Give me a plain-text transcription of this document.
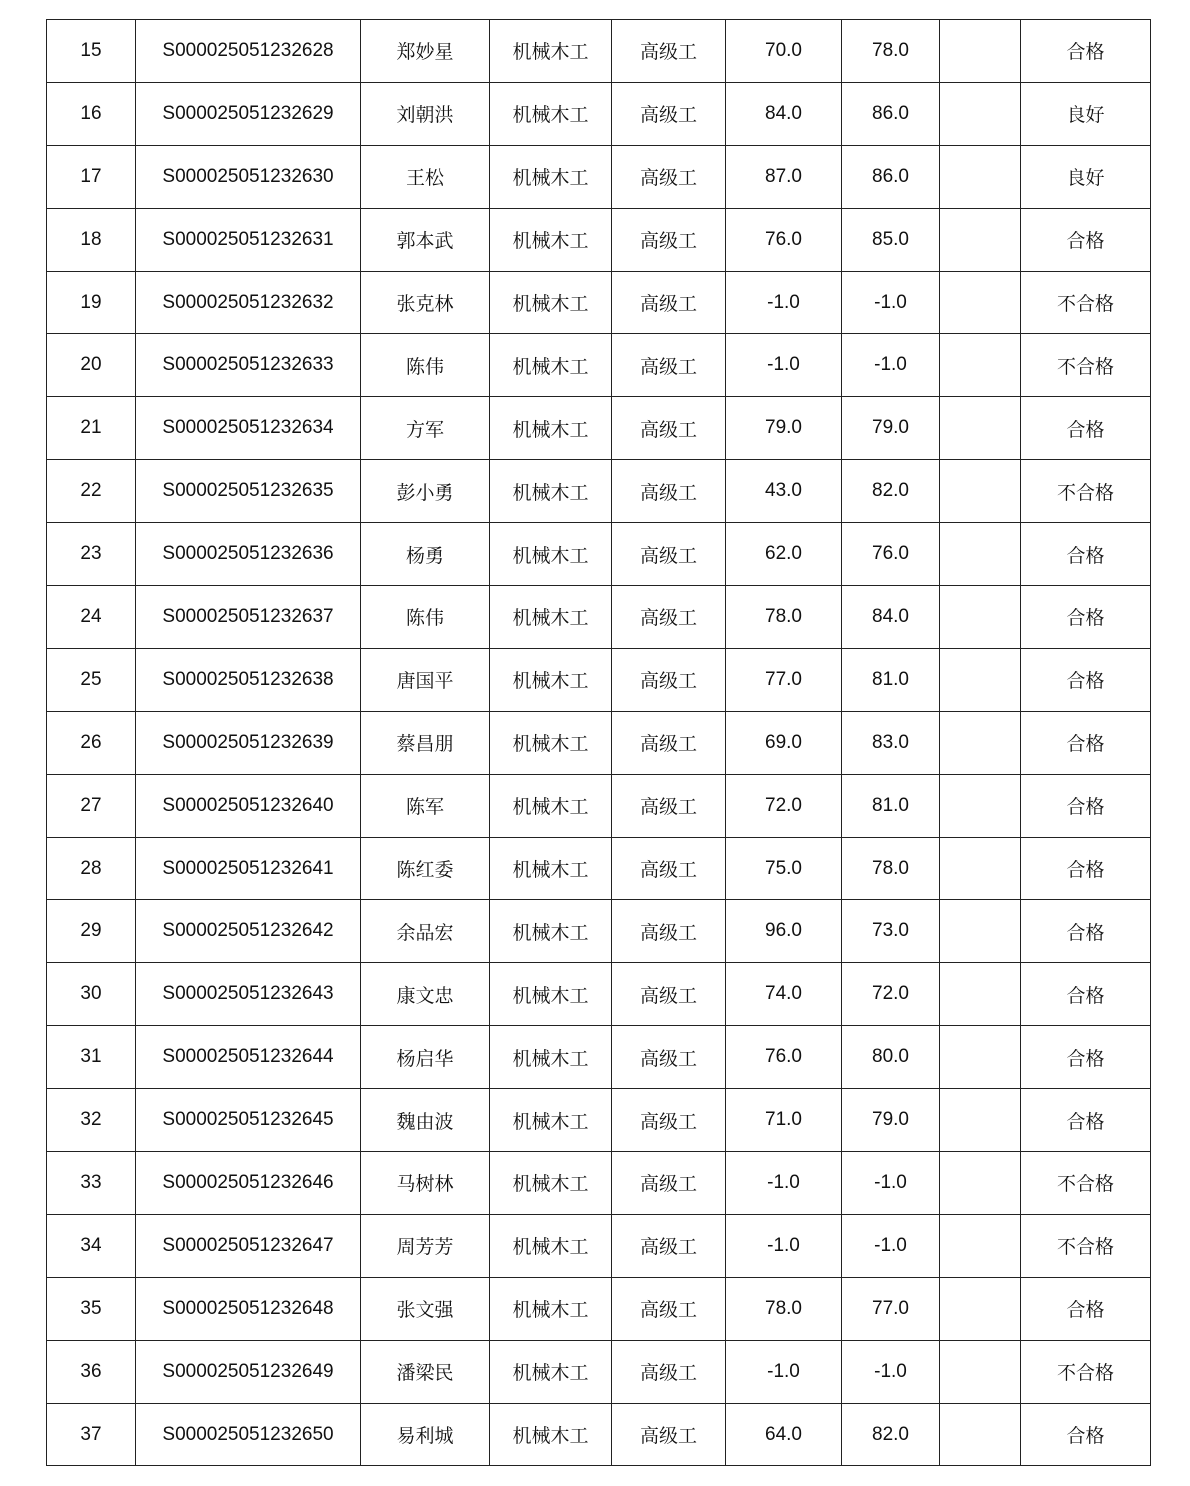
15	S000025051232628	郑妙星	机械木工	高级工	70.0	78.0		合格
16	S000025051232629	刘朝洪	机械木工	高级工	84.0	86.0		良好
17	S000025051232630	王松	机械木工	高级工	87.0	86.0		良好
18	S000025051232631	郭本武	机械木工	高级工	76.0	85.0		合格
19	S000025051232632	张克林	机械木工	高级工	-1.0	-1.0		不合格
20	S000025051232633	陈伟	机械木工	高级工	-1.0	-1.0		不合格
21	S000025051232634	方军	机械木工	高级工	79.0	79.0		合格
22	S000025051232635	彭小勇	机械木工	高级工	43.0	82.0		不合格
23	S000025051232636	杨勇	机械木工	高级工	62.0	76.0		合格
24	S000025051232637	陈伟	机械木工	高级工	78.0	84.0		合格
25	S000025051232638	唐国平	机械木工	高级工	77.0	81.0		合格
26	S000025051232639	蔡昌朋	机械木工	高级工	69.0	83.0		合格
27	S000025051232640	陈军	机械木工	高级工	72.0	81.0		合格
28	S000025051232641	陈红委	机械木工	高级工	75.0	78.0		合格
29	S000025051232642	余品宏	机械木工	高级工	96.0	73.0		合格
30	S000025051232643	康文忠	机械木工	高级工	74.0	72.0		合格
31	S000025051232644	杨启华	机械木工	高级工	76.0	80.0		合格
32	S000025051232645	魏由波	机械木工	高级工	71.0	79.0		合格
33	S000025051232646	马树林	机械木工	高级工	-1.0	-1.0		不合格
34	S000025051232647	周芳芳	机械木工	高级工	-1.0	-1.0		不合格
35	S000025051232648	张文强	机械木工	高级工	78.0	77.0		合格
36	S000025051232649	潘梁民	机械木工	高级工	-1.0	-1.0		不合格
37	S000025051232650	易利城	机械木工	高级工	64.0	82.0		合格
